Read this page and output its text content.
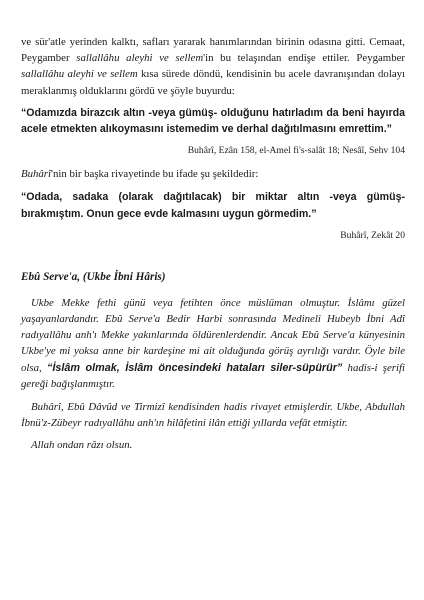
ve sür'atle yerinden kalktı, safları yararak hanımlarından birinin odasına gitti. Cemaat, Peygamber sallallâhu aleyhi ve sellem'in bu telaşından endişe ettiler. Peygamber sallallâhu aleyhi ve sellem kısa sürede döndü, kendisinin bu acele davranışından dolayı meraklanmış olduklarını gördü ve şöyle buyurdu:

“Odamızda birazcık altın -veya gümüş- olduğunu hatırladım da beni hayırda acele etmekten alıkoymasını istemedim ve derhal dağıtılmasını emrettim.”

Buhârî, Ezân 158, el-Amel fi's-salât 18; Nesâî, Sehv 104

Buhârî'nin bir başka rivayetinde bu ifade şu şekildedir:

“Odada, sadaka (olarak dağıtılacak) bir miktar altın -veya gümüş- bırakmıştım. Onun gece evde kalmasını uygun görmedim.”

Buhârî, Zekât 20

Ebû Serve'a, (Ukbe İbni Hâris)

Ukbe Mekke fethi günü veya fetihten önce müslüman olmuştur. İslâmı güzel yaşayanlardandır. Ebû Serve'a Bedir Harbi sonrasında Medineli Hubeyb İbni Adî radıyallâhu anh'ı Mekke yakınlarında öldürenlerdendir. Ancak Ebû Serve'a künyesinin Ukbe'ye mi yoksa anne bir kardeşine mi ait olduğunda görüş ayrılığı vardır. Öyle bile olsa, “İslâm olmak, İslâm öncesindeki hataları siler-süpürür” hadis-i şerifi gereği bağışlanmıştır.

Buhârî, Ebû Dâvûd ve Tirmizî kendisinden hadis rivayet etmişlerdir. Ukbe, Abdullah İbnü'z-Zübeyr radıyallâhu anh'ın hilâfetini ilân ettiği yıllarda vefât etmiştir.

Allah ondan râzı olsun.
